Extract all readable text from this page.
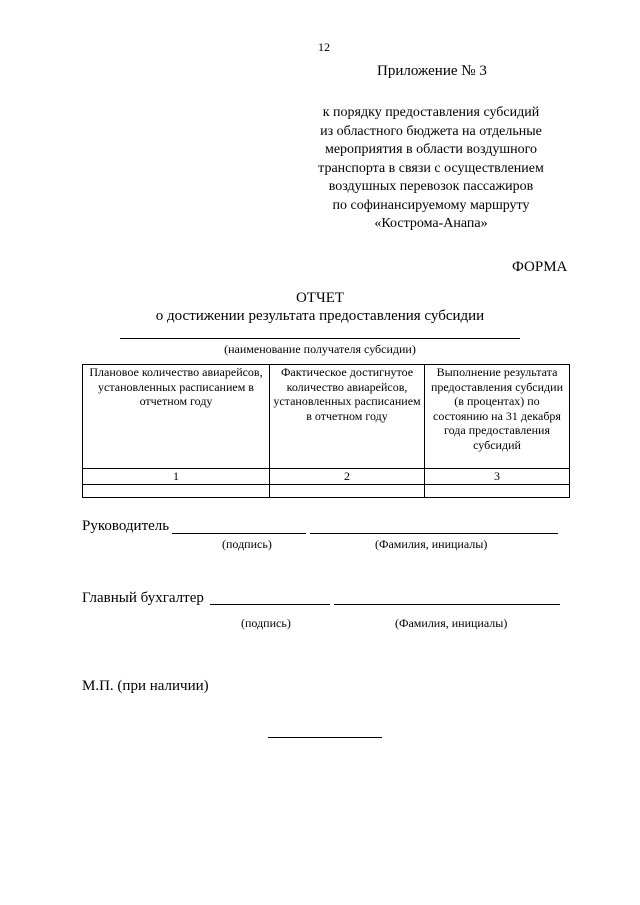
12
Приложение № 3
к порядку предоставления субсидий
из областного бюджета на отдельные
мероприятия в области воздушного
транспорта в связи с осуществлением
воздушных перевозок пассажиров
по софинансируемому маршруту
«Кострома-Анапа»
ФОРМА
ОТЧЕТ
о достижении результата предоставления субсидии
(наименование получателя субсидии)
Плановое количество авиарейсов, установленных расписанием в отчетном году	Фактическое достигнутое количество авиарейсов, установленных расписанием в отчетном году	Выполнение результата предоставления субсидии (в процентах) по состоянию на 31 декабря года предоставления субсидий
1	2	3

Руководитель
(подпись)	(Фамилия, инициалы)
Главный бухгалтер
(подпись)	(Фамилия, инициалы)
М.П. (при наличии)
